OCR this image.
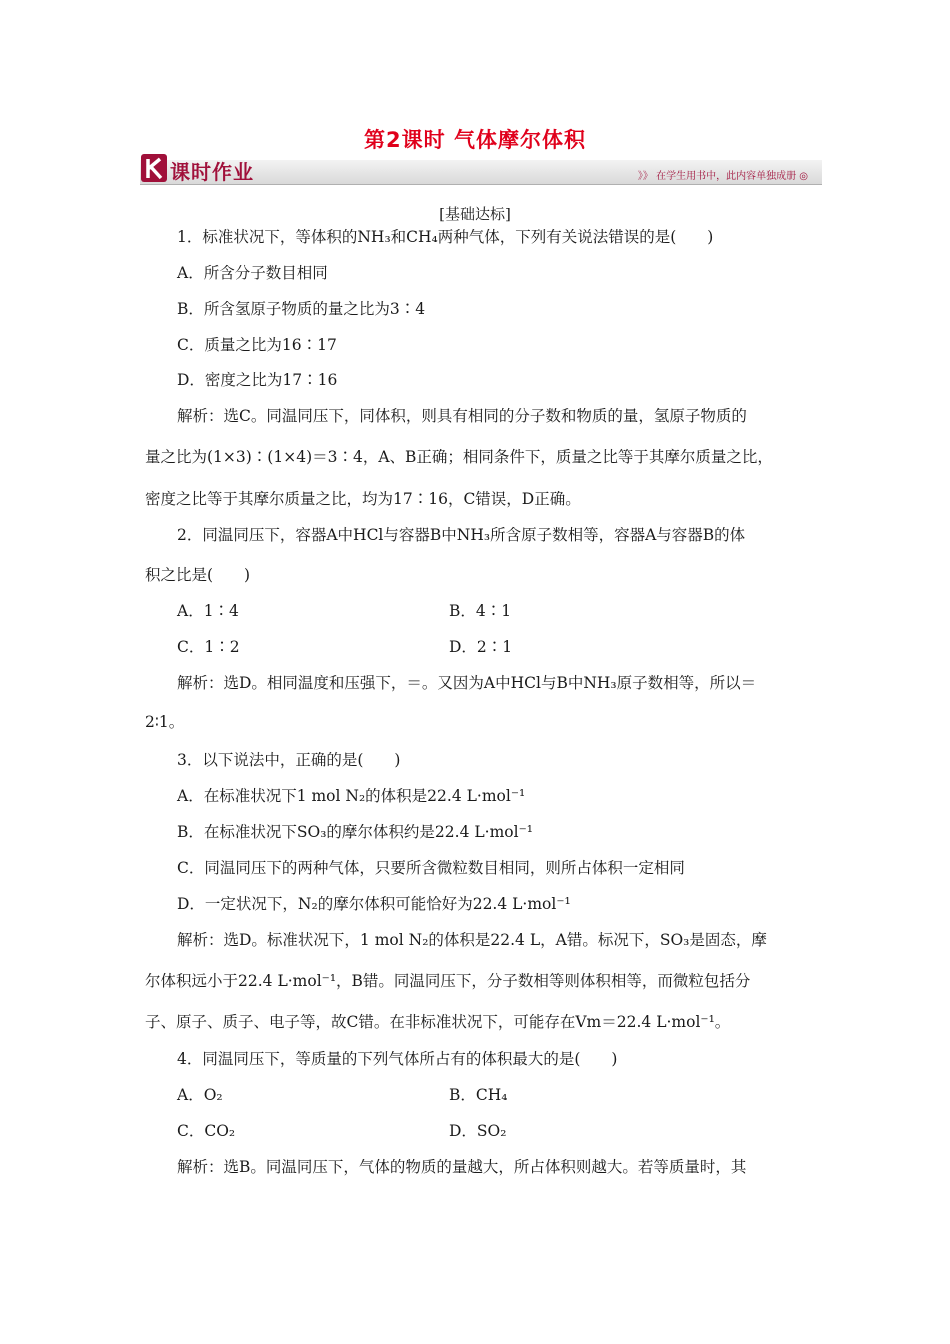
第2课时 气体摩尔体积
课时作业	》》 在学生用书中，此内容单独成册 ◎
[基础达标]
1．标准状况下，等体积的NH₃和CH₄两种气体，下列有关说法错误的是(　　)
A．所含分子数目相同
B．所含氢原子物质的量之比为3∶4
C．质量之比为16∶17
D．密度之比为17∶16
解析：选C。同温同压下，同体积，则具有相同的分子数和物质的量，氢原子物质的
量之比为(1×3)∶(1×4)＝3∶4，A、B正确；相同条件下，质量之比等于其摩尔质量之比，
密度之比等于其摩尔质量之比，均为17∶16，C错误，D正确。
2．同温同压下，容器A中HCl与容器B中NH₃所含原子数相等，容器A与容器B的体
积之比是(　　)
A．1∶4	B．4∶1
C．1∶2	D．2∶1
解析：选D。相同温度和压强下，＝。又因为A中HCl与B中NH₃原子数相等，所以＝
2∶1。
3．以下说法中，正确的是(　　)
A．在标准状况下1 mol N₂的体积是22.4 L·mol⁻¹
B．在标准状况下SO₃的摩尔体积约是22.4 L·mol⁻¹
C．同温同压下的两种气体，只要所含微粒数目相同，则所占体积一定相同
D．一定状况下，N₂的摩尔体积可能恰好为22.4 L·mol⁻¹
解析：选D。标准状况下，1 mol N₂的体积是22.4 L，A错。标况下，SO₃是固态，摩
尔体积远小于22.4 L·mol⁻¹，B错。同温同压下，分子数相等则体积相等，而微粒包括分
子、原子、质子、电子等，故C错。在非标准状况下，可能存在Vm＝22.4 L·mol⁻¹。
4．同温同压下，等质量的下列气体所占有的体积最大的是(　　)
A．O₂	B．CH₄
C．CO₂	D．SO₂
解析：选B。同温同压下，气体的物质的量越大，所占体积则越大。若等质量时，其
